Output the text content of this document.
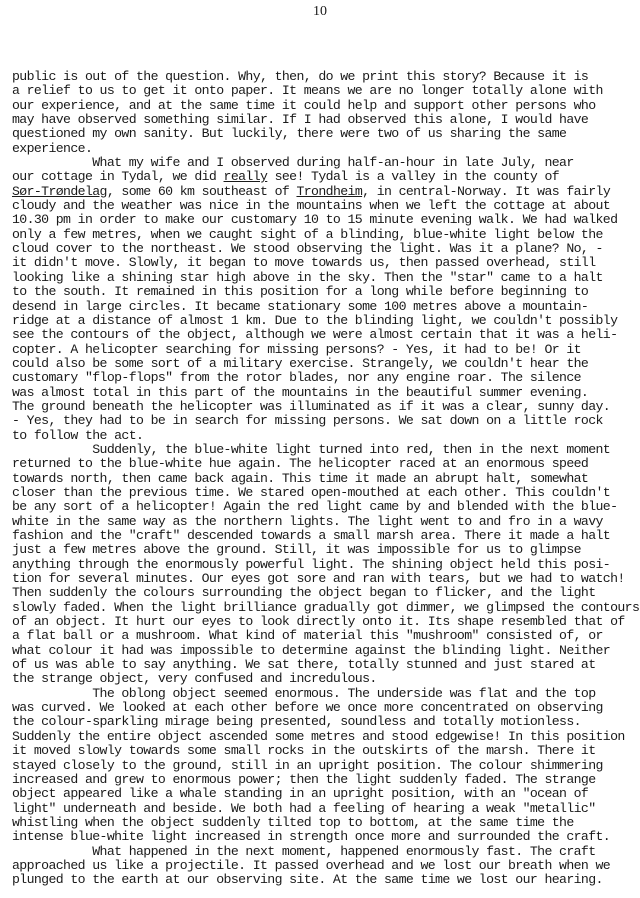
10
public is out of the question. Why, then, do we print this story? Because it is
a relief to us to get it onto paper. It means we are no longer totally alone with
our experience, and at the same time it could help and support other persons who
may have observed something similar. If I had observed this alone, I would have
questioned my own sanity. But luckily, there were two of us sharing the same
experience.
What my wife and I observed during half-an-hour in late July, near
our cottage in Tydal, we did really see! Tydal is a valley in the county of
Sør-Trøndelag, some 60 km southeast of Trondheim, in central-Norway. It was fairly
cloudy and the weather was nice in the mountains when we left the cottage at about
10.30 pm in order to make our customary 10 to 15 minute evening walk. We had walked
only a few metres, when we caught sight of a blinding, blue-white light below the
cloud cover to the northeast. We stood observing the light. Was it a plane? No, -
it didn't move. Slowly, it began to move towards us, then passed overhead, still
looking like a shining star high above in the sky. Then the "star" came to a halt
to the south. It remained in this position for a long while before beginning to
desend in large circles. It became stationary some 100 metres above a mountain-
ridge at a distance of almost 1 km. Due to the blinding light, we couldn't possibly
see the contours of the object, although we were almost certain that it was a heli-
copter. A helicopter searching for missing persons? - Yes, it had to be! Or it
could also be some sort of a military exercise. Strangely, we couldn't hear the
customary "flop-flops" from the rotor blades, nor any engine roar. The silence
was almost total in this part of the mountains in the beautiful summer evening.
The ground beneath the helicopter was illuminated as if it was a clear, sunny day.
- Yes, they had to be in search for missing persons. We sat down on a little rock
to follow the act.
Suddenly, the blue-white light turned into red, then in the next moment
returned to the blue-white hue again. The helicopter raced at an enormous speed
towards north, then came back again. This time it made an abrupt halt, somewhat
closer than the previous time. We stared open-mouthed at each other. This couldn't
be any sort of a helicopter! Again the red light came by and blended with the blue-
white in the same way as the northern lights. The light went to and fro in a wavy
fashion and the "craft" descended towards a small marsh area. There it made a halt
just a few metres above the ground. Still, it was impossible for us to glimpse
anything through the enormously powerful light. The shining object held this posi-
tion for several minutes. Our eyes got sore and ran with tears, but we had to watch!
Then suddenly the colours surrounding the object began to flicker, and the light
slowly faded. When the light brilliance gradually got dimmer, we glimpsed the contours
of an object. It hurt our eyes to look directly onto it. Its shape resembled that of
a flat ball or a mushroom. What kind of material this "mushroom" consisted of, or
what colour it had was impossible to determine against the blinding light. Neither
of us was able to say anything. We sat there, totally stunned and just stared at
the strange object, very confused and incredulous.
The oblong object seemed enormous. The underside was flat and the top
was curved. We looked at each other before we once more concentrated on observing
the colour-sparkling mirage being presented, soundless and totally motionless.
Suddenly the entire object ascended some metres and stood edgewise! In this position
it moved slowly towards some small rocks in the outskirts of the marsh. There it
stayed closely to the ground, still in an upright position. The colour shimmering
increased and grew to enormous power; then the light suddenly faded. The strange
object appeared like a whale standing in an upright position, with an "ocean of
light" underneath and beside. We both had a feeling of hearing a weak "metallic"
whistling when the object suddenly tilted top to bottom, at the same time the
intense blue-white light increased in strength once more and surrounded the craft.
What happened in the next moment, happened enormously fast. The craft
approached us like a projectile. It passed overhead and we lost our breath when we
plunged to the earth at our observing site. At the same time we lost our hearing.
